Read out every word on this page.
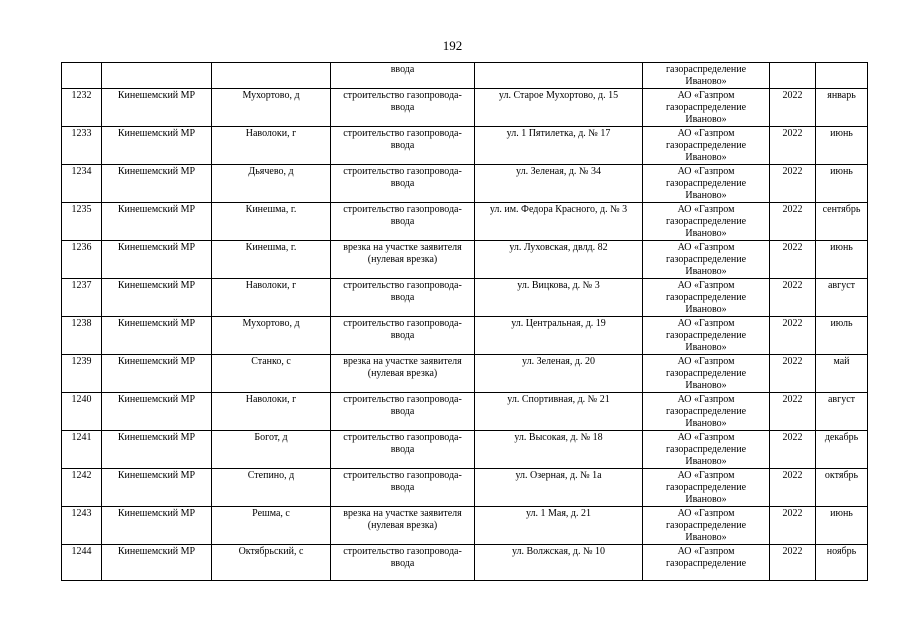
192

			ввода		газораспределение
Иваново»		

1232	Кинешемский МР	Мухортово, д	строительство газопровода-
ввода	ул. Старое Мухортово, д. 15	АО «Газпром
газораспределение
Иваново»	2022	январь
1233	Кинешемский МР	Наволоки, г	строительство газопровода-
ввода	ул. 1 Пятилетка, д. № 17	АО «Газпром
газораспределение
Иваново»	2022	июнь
1234	Кинешемский МР	Дьячево, д	строительство газопровода-
ввода	ул. Зеленая, д. № 34	АО «Газпром
газораспределение
Иваново»	2022	июнь
1235	Кинешемский МР	Кинешма, г.	строительство газопровода-
ввода	ул. им. Федора Красного, д. № 3	АО «Газпром
газораспределение
Иваново»	2022	сентябрь
1236	Кинешемский МР	Кинешма, г.	врезка на участке заявителя
(нулевая врезка)	ул. Луховская, двлд. 82	АО «Газпром
газораспределение
Иваново»	2022	июнь
1237	Кинешемский МР	Наволоки, г	строительство газопровода-
ввода	ул. Вицкова, д. № 3	АО «Газпром
газораспределение
Иваново»	2022	август
1238	Кинешемский МР	Мухортово, д	строительство газопровода-
ввода	ул. Центральная, д. 19	АО «Газпром
газораспределение
Иваново»	2022	июль
1239	Кинешемский МР	Станко, с	врезка на участке заявителя
(нулевая врезка)	ул. Зеленая, д. 20	АО «Газпром
газораспределение
Иваново»	2022	май
1240	Кинешемский МР	Наволоки, г	строительство газопровода-
ввода	ул. Спортивная, д. № 21	АО «Газпром
газораспределение
Иваново»	2022	август
1241	Кинешемский МР	Богот, д	строительство газопровода-
ввода	ул. Высокая, д. № 18	АО «Газпром
газораспределение
Иваново»	2022	декабрь
1242	Кинешемский МР	Степино, д	строительство газопровода-
ввода	ул. Озерная, д. № 1а	АО «Газпром
газораспределение
Иваново»	2022	октябрь
1243	Кинешемский МР	Решма, с	врезка на участке заявителя
(нулевая врезка)	ул. 1 Мая, д. 21	АО «Газпром
газораспределение
Иваново»	2022	июнь
1244	Кинешемский МР	Октябрьский, с	строительство газопровода-
ввода	ул. Волжская, д. № 10	АО «Газпром
газораспределение	2022	ноябрь
